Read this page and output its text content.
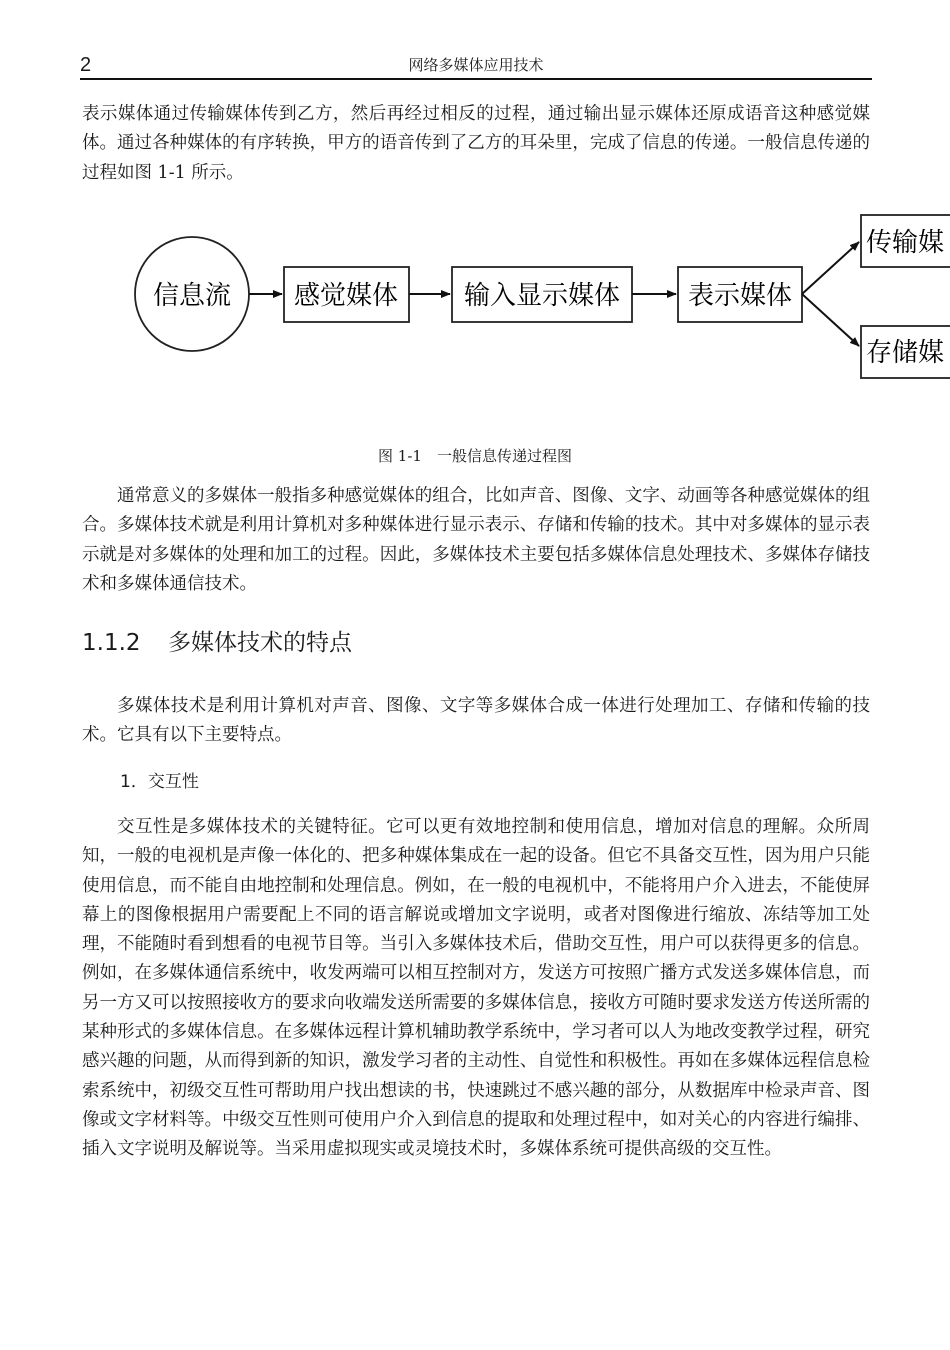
2	网络多媒体应用技术

表示媒体通过传输媒体传到乙方，然后再经过相反的过程，通过输出显示媒体还原成语音这种感觉媒体。通过各种媒体的有序转换，甲方的语音传到了乙方的耳朵里，完成了信息的传递。一般信息传递的过程如图 1-1 所示。

信息流 感觉媒体	输入显示媒体	表示媒体
传输媒
存储媒
图 1-1　一般信息传递过程图

通常意义的多媒体一般指多种感觉媒体的组合，比如声音、图像、文字、动画等各种感觉媒体的组合。多媒体技术就是利用计算机对多种媒体进行显示表示、存储和传输的技术。其中对多媒体的显示表示就是对多媒体的处理和加工的过程。因此，多媒体技术主要包括多媒体信息处理技术、多媒体存储技术和多媒体通信技术。

1.1.2 多媒体技术的特点

多媒体技术是利用计算机对声音、图像、文字等多媒体合成一体进行处理加工、存储和传输的技术。它具有以下主要特点。

1．交互性

交互性是多媒体技术的关键特征。它可以更有效地控制和使用信息，增加对信息的理解。众所周知，一般的电视机是声像一体化的、把多种媒体集成在一起的设备。但它不具备交互性，因为用户只能使用信息，而不能自由地控制和处理信息。例如，在一般的电视机中，不能将用户介入进去，不能使屏幕上的图像根据用户需要配上不同的语言解说或增加文字说明，或者对图像进行缩放、冻结等加工处理，不能随时看到想看的电视节目等。当引入多媒体技术后，借助交互性，用户可以获得更多的信息。例如，在多媒体通信系统中，收发两端可以相互控制对方，发送方可按照广播方式发送多媒体信息，而另一方又可以按照接收方的要求向收端发送所需要的多媒体信息，接收方可随时要求发送方传送所需的某种形式的多媒体信息。在多媒体远程计算机辅助教学系统中，学习者可以人为地改变教学过程，研究感兴趣的问题，从而得到新的知识，激发学习者的主动性、自觉性和积极性。再如在多媒体远程信息检索系统中，初级交互性可帮助用户找出想读的书，快速跳过不感兴趣的部分，从数据库中检录声音、图像或文字材料等。中级交互性则可使用户介入到信息的提取和处理过程中，如对关心的内容进行编排、插入文字说明及解说等。当采用虚拟现实或灵境技术时，多媒体系统可提供高级的交互性。
